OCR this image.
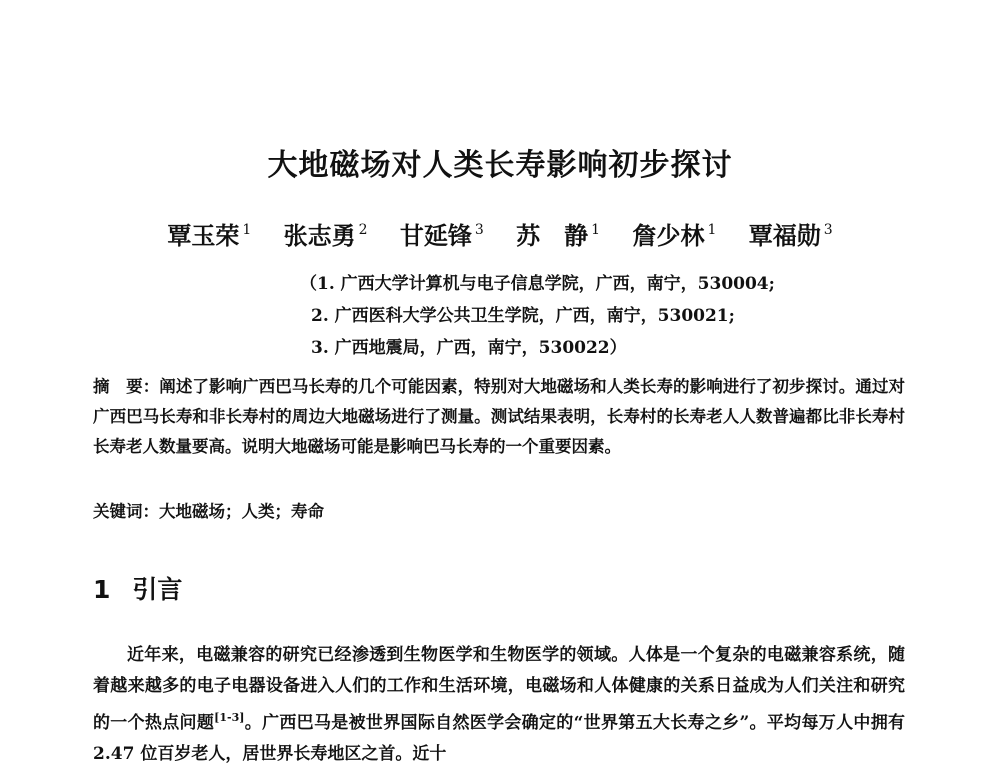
大地磁场对人类长寿影响初步探讨
覃玉荣 $^1$ 张志勇 $^2$ 甘延锋 $^3$ 苏　静 $^1$ 詹少林 $^1$ 覃福勋 $^3$
（1. 广西大学计算机与电子信息学院，广西，南宁，530004;
2. 广西医科大学公共卫生学院，广西，南宁，530021;
3. 广西地震局，广西，南宁，530022）
摘　要：阐述了影响广西巴马长寿的几个可能因素，特别对大地磁场和人类长寿的影响进行了初步探讨。通过对广西巴马长寿和非长寿村的周边大地磁场进行了测量。测试结果表明，长寿村的长寿老人人数普遍都比非长寿村长寿老人数量要高。说明大地磁场可能是影响巴马长寿的一个重要因素。
关键词：大地磁场；人类；寿命
1 引言
近年来，电磁兼容的研究已经渗透到生物医学和生物医学的领域。人体是一个复杂的电磁兼容系统，随着越来越多的电子电器设备进入人们的工作和生活环境，电磁场和人体健康的关系日益成为人们关注和研究的一个热点问题[1-3]。广西巴马是被世界国际自然医学会确定的“世界第五大长寿之乡”。平均每万人中拥有 2.47 位百岁老人，居世界长寿地区之首。近十
